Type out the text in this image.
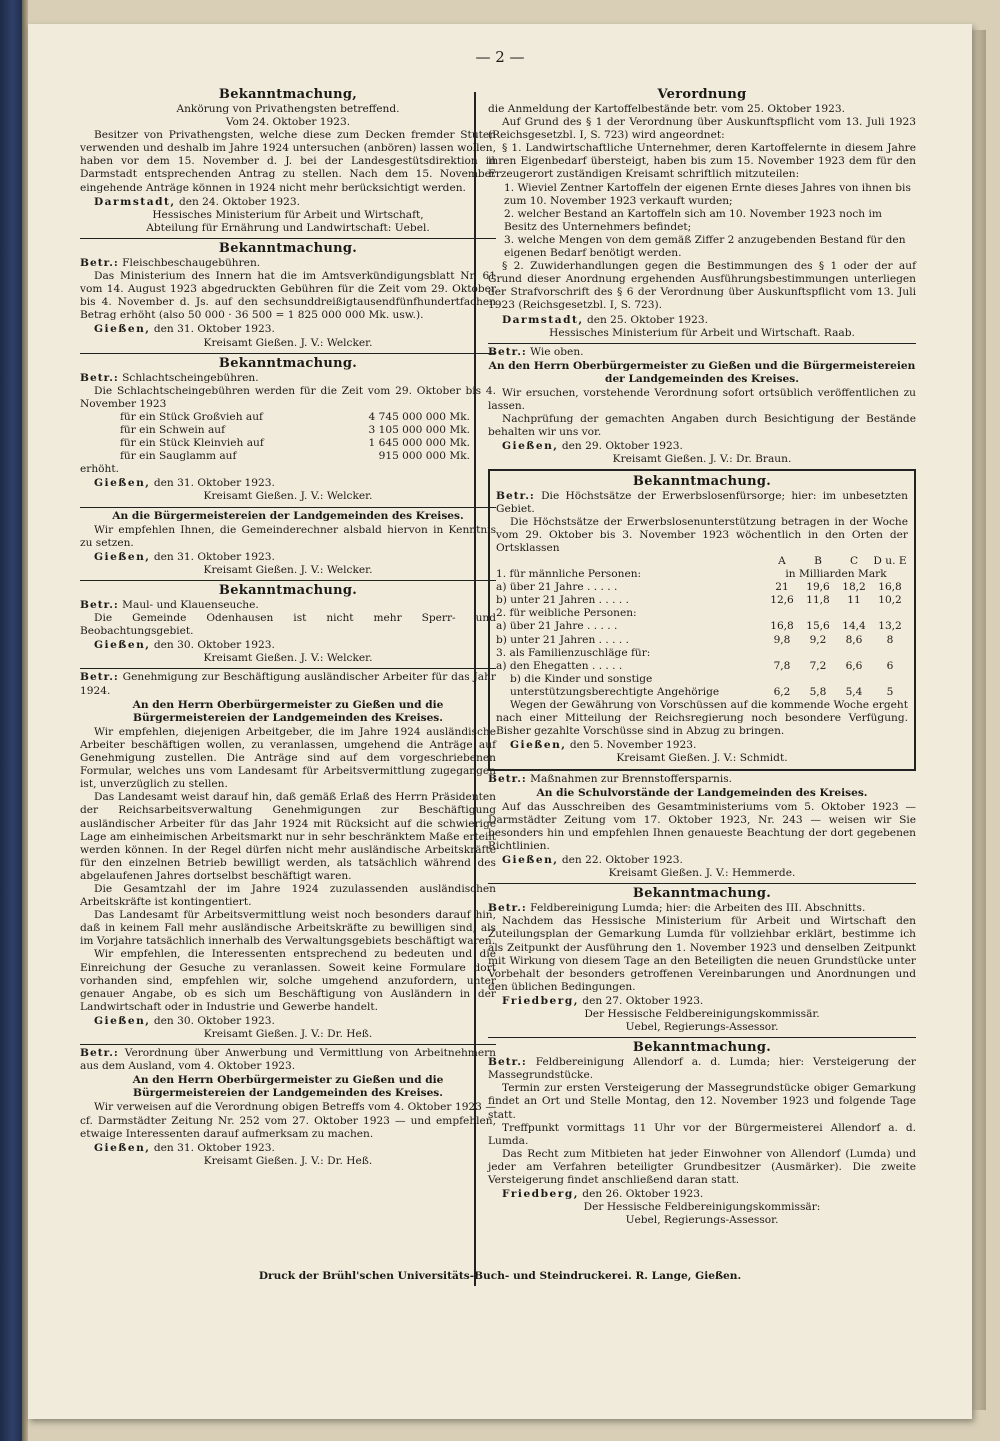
— 2 —
Bekanntmachung,
Ankörung von Privathengsten betreffend.
Vom 24. Oktober 1923.

Besitzer von Privathengsten, welche diese zum Decken fremder Stuten verwenden und deshalb im Jahre 1924 untersuchen (anbören) lassen wollen, haben vor dem 15. November d. J. bei der Landesgestütsdirektion in Darmstadt entsprechenden Antrag zu stellen. Nach dem 15. November eingehende Anträge können in 1924 nicht mehr berücksichtigt werden.

Darmstadt, den 24. Oktober 1923.

Hessisches Ministerium für Arbeit und Wirtschaft,
Abteilung für Ernährung und Landwirtschaft: Uebel.
Bekanntmachung.

Betr.: Fleischbeschaugebühren.

Das Ministerium des Innern hat die im Amtsverkündigungsblatt Nr. 61 vom 14. August 1923 abgedruckten Gebühren für die Zeit vom 29. Oktober bis 4. November d. Js. auf den sechsunddreißigtausendfünfhundertfachen Betrag erhöht (also 50 000 · 36 500 = 1 825 000 000 Mk. usw.).

Gießen, den 31. Oktober 1923.

Kreisamt Gießen. J. V.: Welcker.
Bekanntmachung.

Betr.: Schlachtscheingebühren.

Die Schlachtscheingebühren werden für die Zeit vom 29. Oktober bis 4. November 1923

für ein Stück Großvieh auf	4 745 000 000 Mk.
für ein Schwein auf	3 105 000 000 Mk.
für ein Stück Kleinvieh auf	1 645 000 000 Mk.
für ein Sauglamm auf	915 000 000 Mk.

erhöht.

Gießen, den 31. Oktober 1923.

Kreisamt Gießen. J. V.: Welcker.
An die Bürgermeistereien der Landgemeinden des Kreises.

Wir empfehlen Ihnen, die Gemeinderechner alsbald hiervon in Kenntnis zu setzen.

Gießen, den 31. Oktober 1923.

Kreisamt Gießen. J. V.: Welcker.
Bekanntmachung.

Betr.: Maul- und Klauenseuche.

Die Gemeinde Odenhausen ist nicht mehr Sperr- und Beobachtungsgebiet.

Gießen, den 30. Oktober 1923.

Kreisamt Gießen. J. V.: Welcker.

Betr.: Genehmigung zur Beschäftigung ausländischer Arbeiter für das Jahr 1924.

An den Herrn Oberbürgermeister zu Gießen und die Bürgermeistereien der Landgemeinden des Kreises.

Wir empfehlen, diejenigen Arbeitgeber, die im Jahre 1924 ausländische Arbeiter beschäftigen wollen, zu veranlassen, umgehend die Anträge auf Genehmigung zustellen. Die Anträge sind auf dem vorgeschriebenen Formular, welches uns vom Landesamt für Arbeitsvermittlung zugegangen ist, unverzüglich zu stellen.

Das Landesamt weist darauf hin, daß gemäß Erlaß des Herrn Präsidenten der Reichsarbeitsverwaltung Genehmigungen zur Beschäftigung ausländischer Arbeiter für das Jahr 1924 mit Rücksicht auf die schwierige Lage am einheimischen Arbeitsmarkt nur in sehr beschränktem Maße erteilt werden können. In der Regel dürfen nicht mehr ausländische Arbeitskräfte für den einzelnen Betrieb bewilligt werden, als tatsächlich während des abgelaufenen Jahres dortselbst beschäftigt waren.

Die Gesamtzahl der im Jahre 1924 zuzulassenden ausländischen Arbeitskräfte ist kontingentiert.

Das Landesamt für Arbeitsvermittlung weist noch besonders darauf hin, daß in keinem Fall mehr ausländische Arbeitskräfte zu bewilligen sind, als im Vorjahre tatsächlich innerhalb des Verwaltungsgebiets beschäftigt waren.

Wir empfehlen, die Interessenten entsprechend zu bedeuten und die Einreichung der Gesuche zu veranlassen. Soweit keine Formulare dort vorhanden sind, empfehlen wir, solche umgehend anzufordern, unter genauer Angabe, ob es sich um Beschäftigung von Ausländern in der Landwirtschaft oder in Industrie und Gewerbe handelt.

Gießen, den 30. Oktober 1923.

Kreisamt Gießen. J. V.: Dr. Heß.

Betr.: Verordnung über Anwerbung und Vermittlung von Arbeitnehmern aus dem Ausland, vom 4. Oktober 1923.

An den Herrn Oberbürgermeister zu Gießen und die Bürgermeistereien der Landgemeinden des Kreises.

Wir verweisen auf die Verordnung obigen Betreffs vom 4. Oktober 1923 — cf. Darmstädter Zeitung Nr. 252 vom 27. Oktober 1923 — und empfehlen, etwaige Interessenten darauf aufmerksam zu machen.

Gießen, den 31. Oktober 1923.

Kreisamt Gießen. J. V.: Dr. Heß.
Verordnung

die Anmeldung der Kartoffelbestände betr. vom 25. Oktober 1923.

Auf Grund des § 1 der Verordnung über Auskunftspflicht vom 13. Juli 1923 (Reichsgesetzbl. I, S. 723) wird angeordnet:

§ 1. Landwirtschaftliche Unternehmer, deren Kartoffelernte in diesem Jahre ihren Eigenbedarf übersteigt, haben bis zum 15. November 1923 dem für den Erzeugerort zuständigen Kreisamt schriftlich mitzuteilen:

1. Wieviel Zentner Kartoffeln der eigenen Ernte dieses Jahres von ihnen bis zum 10. November 1923 verkauft wurden;
2. welcher Bestand an Kartoffeln sich am 10. November 1923 noch im Besitz des Unternehmers befindet;
3. welche Mengen von dem gemäß Ziffer 2 anzugebenden Bestand für den eigenen Bedarf benötigt werden.

§ 2. Zuwiderhandlungen gegen die Bestimmungen des § 1 oder der auf Grund dieser Anordnung ergehenden Ausführungsbestimmungen unterliegen der Strafvorschrift des § 6 der Verordnung über Auskunftspflicht vom 13. Juli 1923 (Reichsgesetzbl. I, S. 723).

Darmstadt, den 25. Oktober 1923.

Hessisches Ministerium für Arbeit und Wirtschaft. Raab.

Betr.: Wie oben.

An den Herrn Oberbürgermeister zu Gießen und die Bürgermeistereien der Landgemeinden des Kreises.

Wir ersuchen, vorstehende Verordnung sofort ortsüblich veröffentlichen zu lassen.

Nachprüfung der gemachten Angaben durch Besichtigung der Bestände behalten wir uns vor.

Gießen, den 29. Oktober 1923.

Kreisamt Gießen. J. V.: Dr. Braun.
Bekanntmachung.

Betr.: Die Höchstsätze der Erwerbslosenfürsorge; hier: im unbesetzten Gebiet.

Die Höchstsätze der Erwerbslosenunterstützung betragen in der Woche vom 29. Oktober bis 3. November 1923 wöchentlich in den Orten der Ortsklassen

	A	B	C	D u. E
1. für männliche Personen:	in Milliarden Mark			
a) über 21 Jahre . . . . .	21	19,6	18,2	16,8
b) unter 21 Jahren . . . . .	12,6	11,8	11	10,2
2. für weibliche Personen:				
a) über 21 Jahre . . . . .	16,8	15,6	14,4	13,2
b) unter 21 Jahren . . . . .	9,8	9,2	8,6	8
3. als Familienzuschläge für:				
a) den Ehegatten . . . . .	7,8	7,2	6,6	6
b) die Kinder und sonstige unterstützungsberechtigte Angehörige	6,2	5,8	5,4	5

Wegen der Gewährung von Vorschüssen auf die kommende Woche ergeht nach einer Mitteilung der Reichsregierung noch besondere Verfügung. Bisher gezahlte Vorschüsse sind in Abzug zu bringen.

Gießen, den 5. November 1923.

Kreisamt Gießen. J. V.: Schmidt.

Betr.: Maßnahmen zur Brennstoffersparnis.

An die Schulvorstände der Landgemeinden des Kreises.

Auf das Ausschreiben des Gesamtministeriums vom 5. Oktober 1923 — Darmstädter Zeitung vom 17. Oktober 1923, Nr. 243 — weisen wir Sie besonders hin und empfehlen Ihnen genaueste Beachtung der dort gegebenen Richtlinien.

Gießen, den 22. Oktober 1923.

Kreisamt Gießen. J. V.: Hemmerde.
Bekanntmachung.

Betr.: Feldbereinigung Lumda; hier: die Arbeiten des III. Abschnitts.

Nachdem das Hessische Ministerium für Arbeit und Wirtschaft den Zuteilungsplan der Gemarkung Lumda für vollziehbar erklärt, bestimme ich als Zeitpunkt der Ausführung den 1. November 1923 und denselben Zeitpunkt mit Wirkung von diesem Tage an den Beteiligten die neuen Grundstücke unter Vorbehalt der besonders getroffenen Vereinbarungen und Anordnungen und den üblichen Bedingungen.

Friedberg, den 27. Oktober 1923.

Der Hessische Feldbereinigungskommissär.
Uebel, Regierungs-Assessor.
Bekanntmachung.

Betr.: Feldbereinigung Allendorf a. d. Lumda; hier: Versteigerung der Massegrundstücke.

Termin zur ersten Versteigerung der Massegrundstücke obiger Gemarkung findet an Ort und Stelle Montag, den 12. November 1923 und folgende Tage statt.

Treffpunkt vormittags 11 Uhr vor der Bürgermeisterei Allendorf a. d. Lumda.

Das Recht zum Mitbieten hat jeder Einwohner von Allendorf (Lumda) und jeder am Verfahren beteiligter Grundbesitzer (Ausmärker). Die zweite Versteigerung findet anschließend daran statt.

Friedberg, den 26. Oktober 1923.

Der Hessische Feldbereinigungskommissär:
Uebel, Regierungs-Assessor.
Druck der Brühl'schen Universitäts-Buch- und Steindruckerei. R. Lange, Gießen.
